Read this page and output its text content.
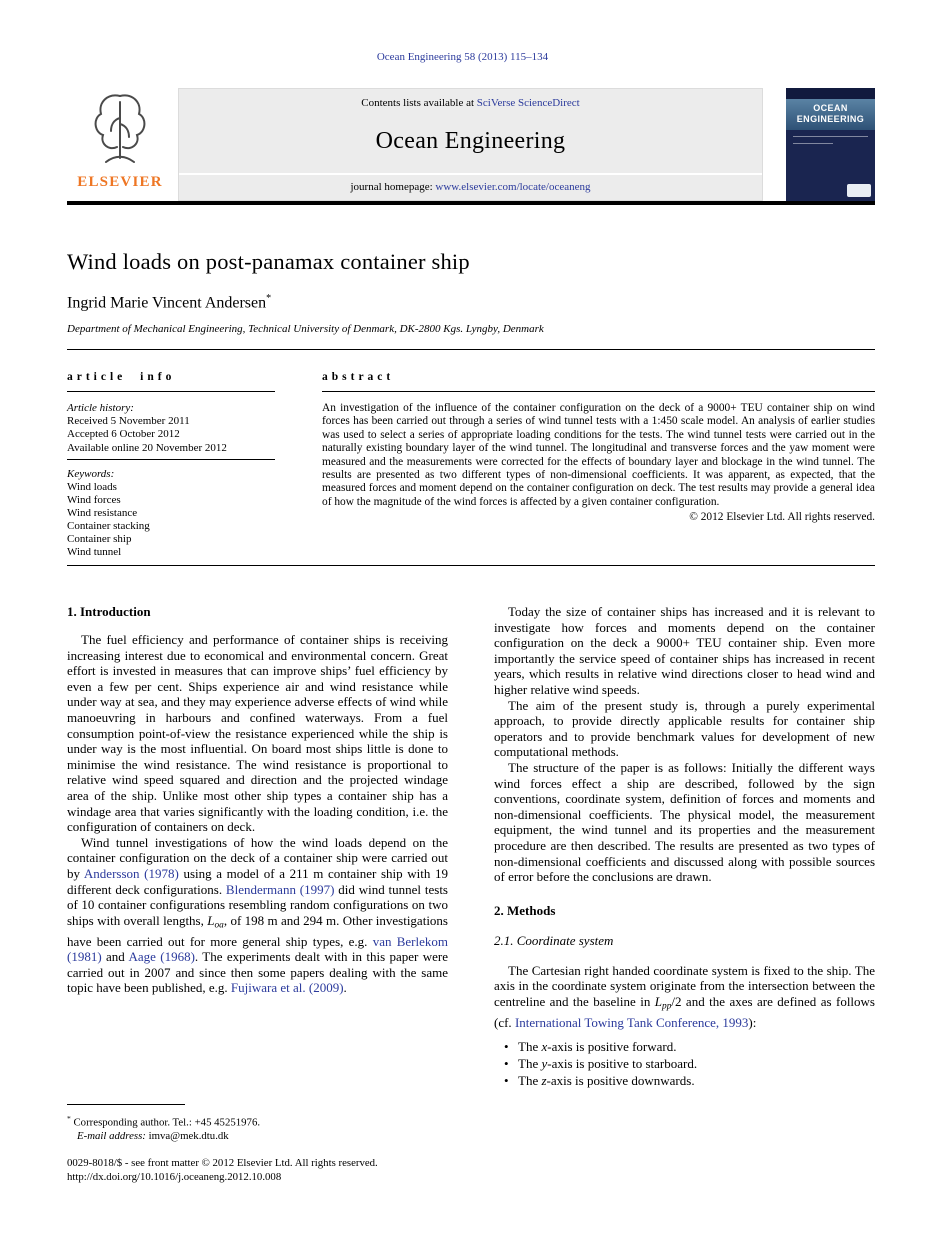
Ocean Engineering 58 (2013) 115–134
ELSEVIER
Contents lists available at SciVerse ScienceDirect
Ocean Engineering
journal homepage: www.elsevier.com/locate/oceaneng
OCEAN
ENGINEERING
Wind loads on post-panamax container ship
Ingrid Marie Vincent Andersen*
Department of Mechanical Engineering, Technical University of Denmark, DK-2800 Kgs. Lyngby, Denmark
article info	abstract
Article history:
Received 5 November 2011
Accepted 6 October 2012
Available online 20 November 2012
Keywords:
Wind loads
Wind forces
Wind resistance
Container stacking
Container ship
Wind tunnel
An investigation of the influence of the container configuration on the deck of a 9000+ TEU container ship on wind forces has been carried out through a series of wind tunnel tests with a 1:450 scale model. An analysis of earlier studies was used to select a series of appropriate loading conditions for the tests. The wind tunnel tests were carried out in the naturally existing boundary layer of the wind tunnel. The longitudinal and transverse forces and the yaw moment were measured and the measurements were corrected for the effects of boundary layer and blockage in the wind tunnel. The results are presented as two different types of non-dimensional coefficients. It was apparent, as expected, that the measured forces and moment depend on the container configuration on deck. The test results may provide a general idea of how the magnitude of the wind forces is affected by a given container configuration.
© 2012 Elsevier Ltd. All rights reserved.
1. Introduction

The fuel efficiency and performance of container ships is receiving increasing interest due to economical and environmental concern. Great effort is invested in measures that can improve ships’ fuel efficiency by even a few per cent. Ships experience air and wind resistance while under way at sea, and they may experience adverse effects of wind while manoeuvring in harbours and confined waterways. From a fuel consumption point-of-view the resistance experienced while the ship is under way is the most influential. On board most ships little is done to minimise the wind resistance. The wind resistance is proportional to relative wind speed squared and direction and the projected windage area of the ship. Unlike most other ship types a container ship has a windage area that varies significantly with the loading condition, i.e. the configuration of containers on deck.

Wind tunnel investigations of how the wind loads depend on the container configuration on the deck of a container ship were carried out by Andersson (1978) using a model of a 211 m container ship with 19 different deck configurations. Blendermann (1997) did wind tunnel tests of 10 container configurations resembling random configurations on two ships with overall lengths, Loa, of 198 m and 294 m. Other investigations have been carried out for more general ship types, e.g. van Berlekom (1981) and Aage (1968). The experiments dealt with in this paper were carried out in 2007 and since then some papers dealing with the same topic have been published, e.g. Fujiwara et al. (2009).

Today the size of container ships has increased and it is relevant to investigate how forces and moments depend on the container configuration on the deck a 9000+ TEU container ship. Even more importantly the service speed of container ships has increased in recent years, which results in relative wind directions closer to head wind and higher relative wind speeds.

The aim of the present study is, through a purely experimental approach, to provide directly applicable results for container ship operators and to provide benchmark values for development of new computational methods.

The structure of the paper is as follows: Initially the different ways wind forces effect a ship are described, followed by the sign conventions, coordinate system, definition of forces and moments and non-dimensional coefficients. The physical model, the measurement equipment, the wind tunnel and its properties and the measurement procedure are then described. The results are presented as two types of non-dimensional coefficients and discussed along with possible sources of error before the conclusions are drawn.

2. Methods
2.1. Coordinate system

The Cartesian right handed coordinate system is fixed to the ship. The axis in the coordinate system originate from the intersection between the centreline and the baseline in Lpp/2 and the axes are defined as follows (cf. International Towing Tank Conference, 1993):

• The x-axis is positive forward.
• The y-axis is positive to starboard.
• The z-axis is positive downwards.
* Corresponding author. Tel.: +45 45251976.
E-mail address: imva@mek.dtu.dk
0029-8018/$ - see front matter © 2012 Elsevier Ltd. All rights reserved.
http://dx.doi.org/10.1016/j.oceaneng.2012.10.008
